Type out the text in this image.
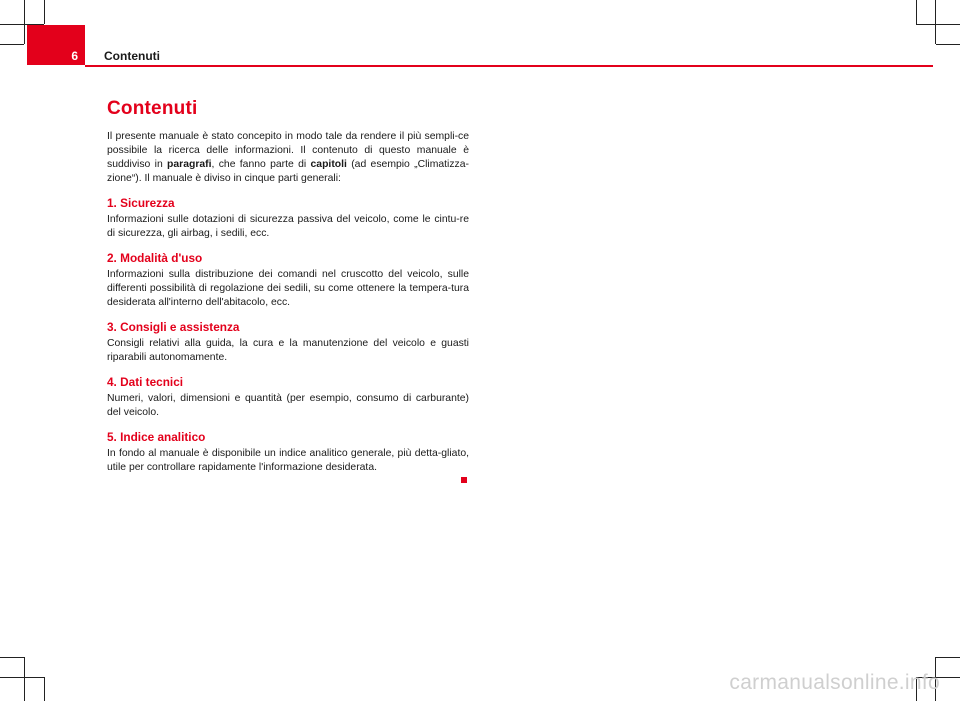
6 Contenuti
Contenuti

Il presente manuale è stato concepito in modo tale da rendere il più sempli-ce possibile la ricerca delle informazioni. Il contenuto di questo manuale è suddiviso in paragrafi, che fanno parte di capitoli (ad esempio „Climatizza-zione“). Il manuale è diviso in cinque parti generali:

1. Sicurezza

Informazioni sulle dotazioni di sicurezza passiva del veicolo, come le cintu-re di sicurezza, gli airbag, i sedili, ecc.

2. Modalità d'uso

Informazioni sulla distribuzione dei comandi nel cruscotto del veicolo, sulle differenti possibilità di regolazione dei sedili, su come ottenere la tempera-tura desiderata all'interno dell'abitacolo, ecc.

3. Consigli e assistenza

Consigli relativi alla guida, la cura e la manutenzione del veicolo e guasti riparabili autonomamente.

4. Dati tecnici

Numeri, valori, dimensioni e quantità (per esempio, consumo di carburante) del veicolo.

5. Indice analitico

In fondo al manuale è disponibile un indice analitico generale, più detta-gliato, utile per controllare rapidamente l'informazione desiderata.

carmanualsonline.info
